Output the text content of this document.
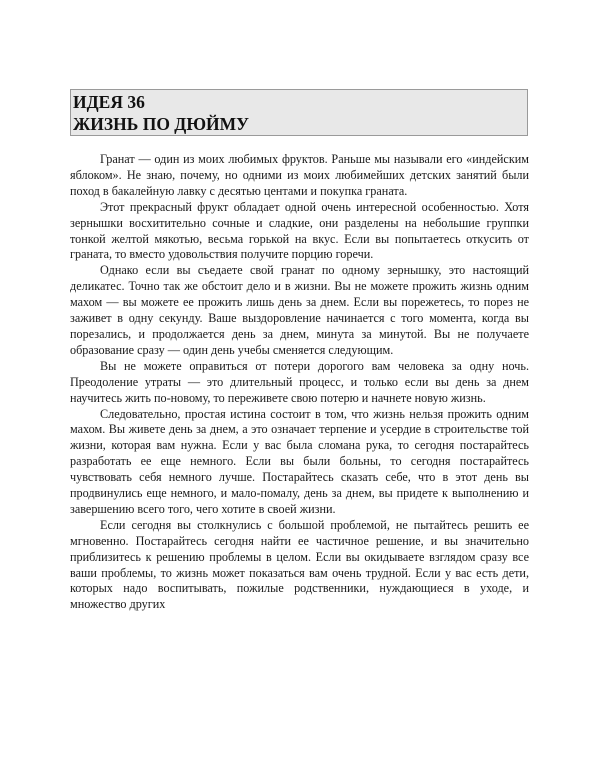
ИДЕЯ 36
ЖИЗНЬ ПО ДЮЙМУ

Гранат — один из моих любимых фруктов. Раньше мы называли его «индейским яблоком». Не знаю, почему, но одними из моих любимейших детских занятий были поход в бакалейную лавку с десятью центами и покупка граната.

Этот прекрасный фрукт обладает одной очень интересной особенностью. Хотя зернышки восхитительно сочные и сладкие, они разделены на небольшие группки тонкой желтой мякотью, весьма горькой на вкус. Если вы попытаетесь откусить от граната, то вместо удовольствия получите порцию горечи.

Однако если вы съедаете свой гранат по одному зернышку, это настоящий деликатес. Точно так же обстоит дело и в жизни. Вы не можете прожить жизнь одним махом — вы можете ее прожить лишь день за днем. Если вы порежетесь, то порез не заживет в одну секунду. Ваше выздоровление начинается с того момента, когда вы порезались, и продолжается день за днем, минута за минутой. Вы не получаете образование сразу — один день учебы сменяется следующим.

Вы не можете оправиться от потери дорогого вам человека за одну ночь. Преодоление утраты — это длительный процесс, и только если вы день за днем научитесь жить по-новому, то переживете свою потерю и начнете новую жизнь.

Следовательно, простая истина состоит в том, что жизнь нельзя прожить одним махом. Вы живете день за днем, а это означает терпение и усердие в строительстве той жизни, которая вам нужна. Если у вас была сломана рука, то сегодня постарайтесь разработать ее еще немного. Если вы были больны, то сегодня постарайтесь чувствовать себя немного лучше. Постарайтесь сказать себе, что в этот день вы продвинулись еще немного, и мало-помалу, день за днем, вы придете к выполнению и завершению всего того, чего хотите в своей жизни.

Если сегодня вы столкнулись с большой проблемой, не пытайтесь решить ее мгновенно. Постарайтесь сегодня найти ее частичное решение, и вы значительно приблизитесь к решению проблемы в целом. Если вы окидываете взглядом сразу все ваши проблемы, то жизнь может показаться вам очень трудной. Если у вас есть дети, которых надо воспитывать, пожилые родственники, нуждающиеся в уходе, и множество других
